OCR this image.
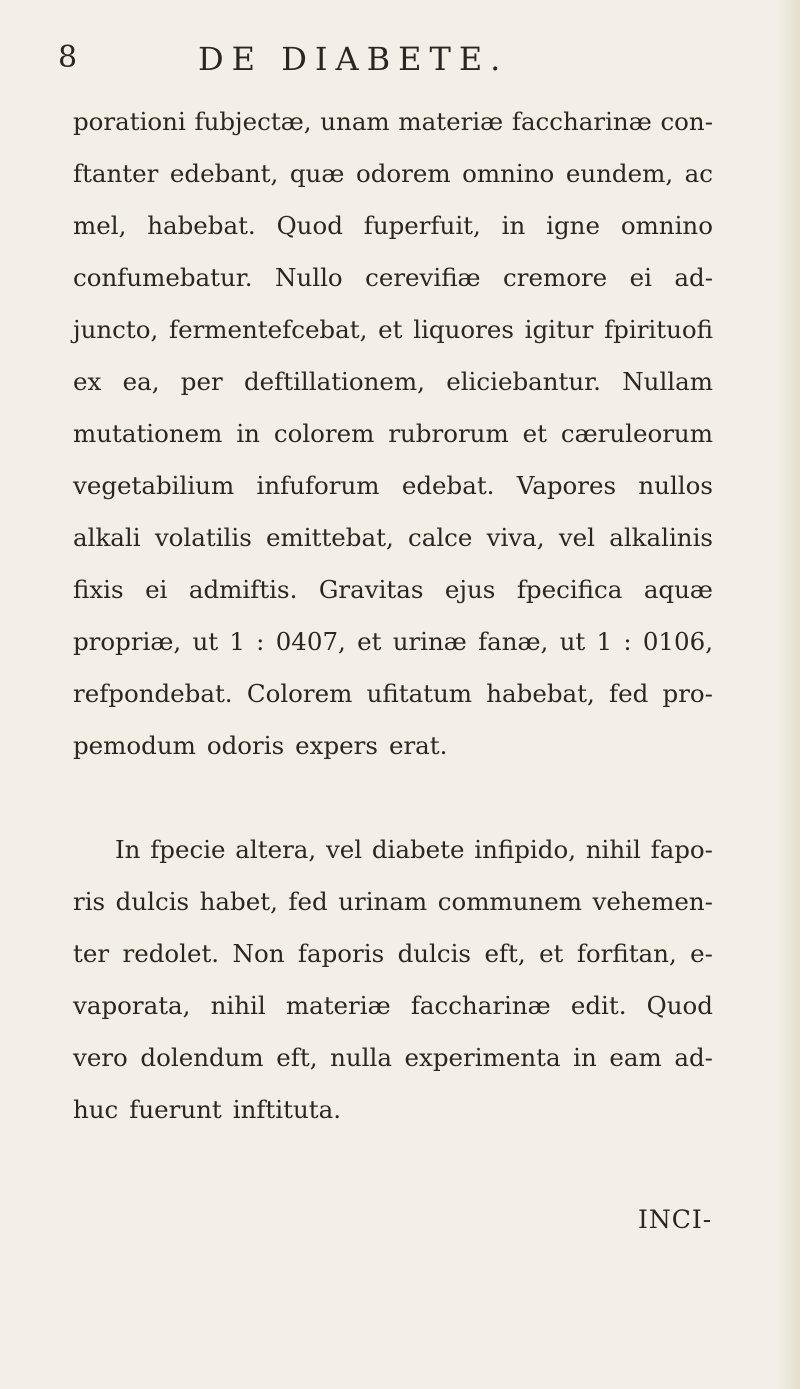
8	DE DIABETE.
porationi fubjectæ, unam materiæ faccharinæ con-
ftanter edebant, quæ odorem omnino eundem, ac
mel, habebat. Quod fuperfuit, in igne omnino
confumebatur. Nullo cerevifiæ cremore ei ad-
juncto, fermentefcebat, et liquores igitur fpirituofi
ex ea, per deftillationem, eliciebantur. Nullam
mutationem in colorem rubrorum et cæruleorum
vegetabilium infuforum edebat. Vapores nullos
alkali volatilis emittebat, calce viva, vel alkalinis
fixis ei admiftis. Gravitas ejus fpecifica aquæ
propriæ, ut 1 : 0407, et urinæ fanæ, ut 1 : 0106,
refpondebat. Colorem ufitatum habebat, fed pro-
pemodum odoris expers erat.
In fpecie altera, vel diabete infipido, nihil fapo-
ris dulcis habet, fed urinam communem vehemen-
ter redolet. Non faporis dulcis eft, et forfitan, e-
vaporata, nihil materiæ faccharinæ edit. Quod
vero dolendum eft, nulla experimenta in eam ad-
huc fuerunt inftituta.
INCI-
